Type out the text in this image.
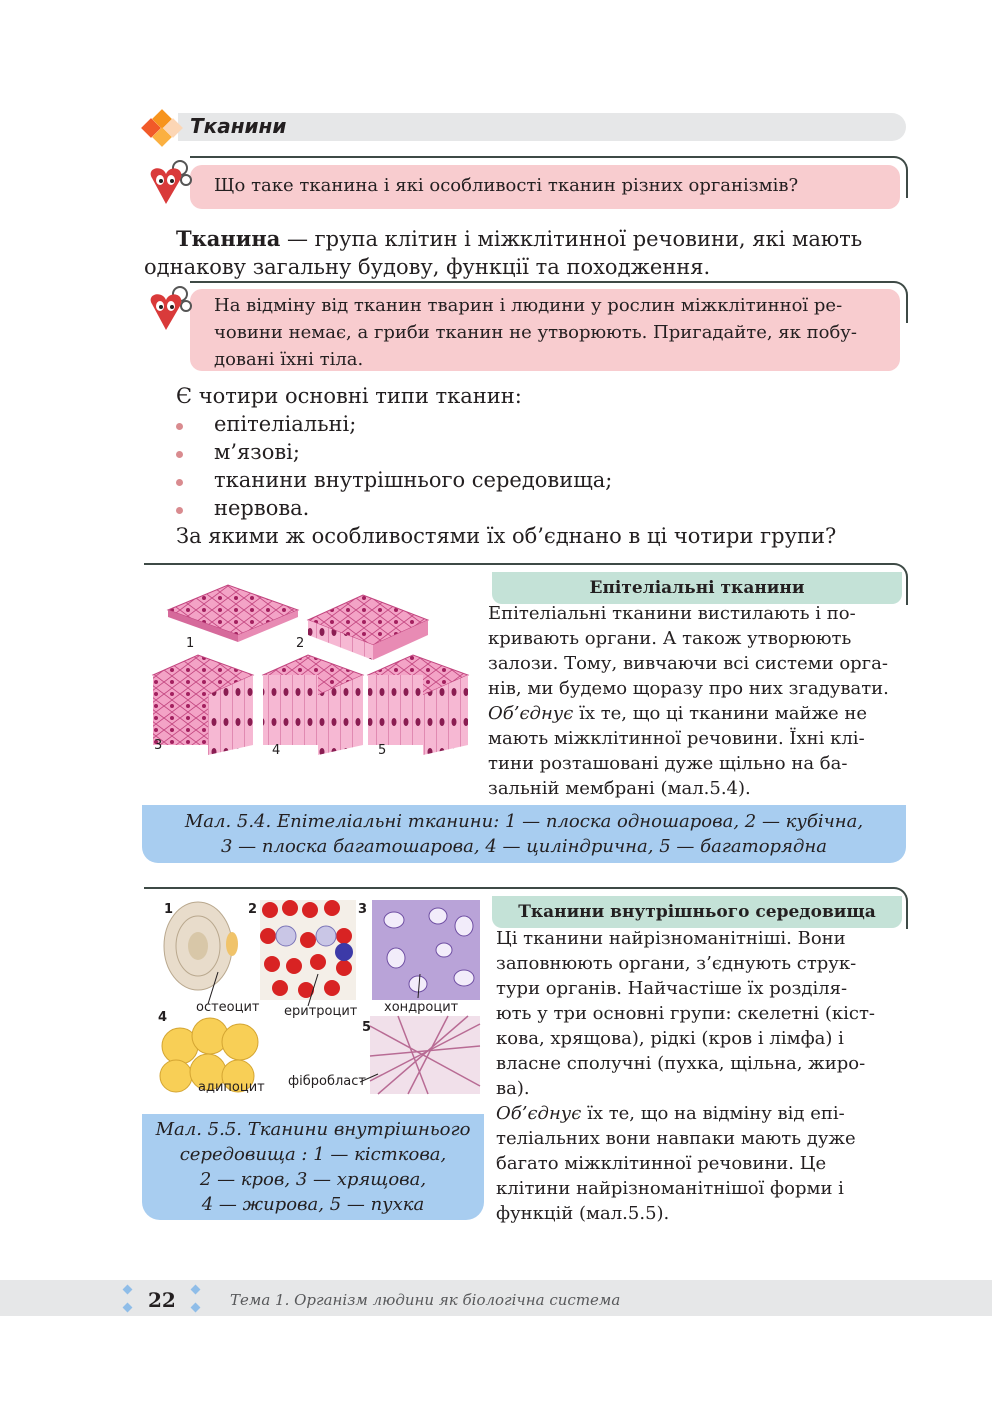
Тканини
Що таке тканина і які особливості тканин різних організмів?
Тканина — група клітин і міжклітинної речовини, які мають
однакову загальну будову, функції та походження.
На відміну від тканин тварин і людини у рослин міжклітинної ре-
човини немає, а гриби тканин не утворюють. Пригадайте, як побу-
довані їхні тіла.
Є чотири основні типи тканин:
епітеліальні;
м’язові;
тканини внутрішнього середовища;
нервова.
За якими ж особливостями їх об’єднано в ці чотири групи?
Епітеліальні тканини
1	2
3	4	5
Епітеліальні тканини вистилають і по-
кривають органи. А також утворюють
залози. Тому, вивчаючи всі системи орга-
нів, ми будемо щоразу про них згадувати.
Об’єднує їх те, що ці тканини майже не
мають міжклітинної речовини. Їхні клі-
тини розташовані дуже щільно на ба-
зальній мембрані (мал.5.4).
Мал. 5.4. Епітеліальні тканини: 1 — плоска одношарова, 2 — кубічна,
3 — плоска багатошарова, 4 — циліндрична, 5 — багаторядна
Тканини внутрішнього середовища
1	2	3
4
5
остеоцит еритроцит хондроцит
адипоцит фібробласт
Ці тканини найрізноманітніші. Вони
заповнюють органи, з’єднують струк-
тури органів. Найчастіше їх розділя-
ють у три основні групи: скелетні (кіст-
кова, хрящова), рідкі (кров і лімфа) і
власне сполучні (пухка, щільна, жиро-
ва).
Об’єднує їх те, що на відміну від епі-
теліальних вони навпаки мають дуже
багато міжклітинної речовини. Це
клітини найрізноманітнішої форми і
функцій (мал.5.5).
Мал. 5.5. Тканини внутрішнього
середовища : 1 — кісткова,
2 — кров, 3 — хрящова,
4 — жирова, 5 — пухка
22	Тема 1. Організм людини як біологічна система
